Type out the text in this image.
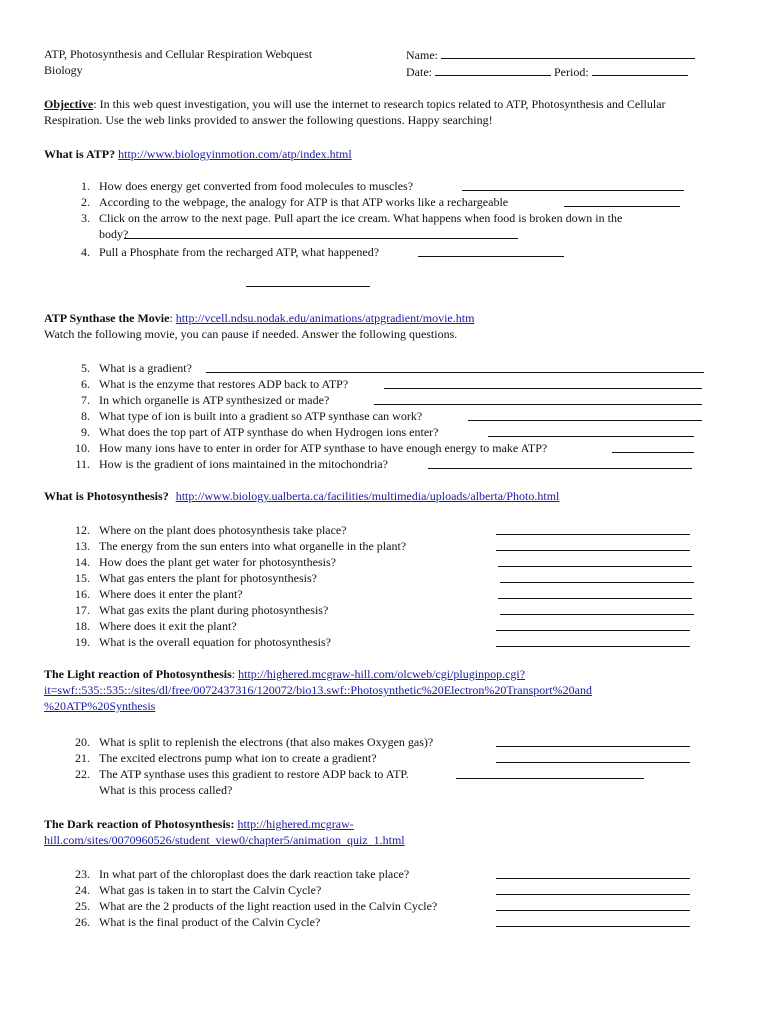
ATP, Photosynthesis and Cellular Respiration Webquest
Biology
Name:
Date:	Period:
Objective: In this web quest investigation, you will use the internet to research topics related to ATP, Photosynthesis and Cellular Respiration. Use the web links provided to answer the following questions. Happy searching!
What is ATP? http://www.biologyinmotion.com/atp/index.html
1. How does energy get converted from food molecules to muscles?
2. According to the webpage, the analogy for ATP is that ATP works like a rechargeable
3. Click on the arrow to the next page. Pull apart the ice cream. What happens when food is broken down in the
body?
4. Pull a Phosphate from the recharged ATP, what happened?
ATP Synthase the Movie: http://vcell.ndsu.nodak.edu/animations/atpgradient/movie.htm
Watch the following movie, you can pause if needed. Answer the following questions.
5. What is a gradient?
6. What is the enzyme that restores ADP back to ATP?
7. In which organelle is ATP synthesized or made?
8. What type of ion is built into a gradient so ATP synthase can work?
9. What does the top part of ATP synthase do when Hydrogen ions enter?
10. How many ions have to enter in order for ATP synthase to have enough energy to make ATP?
11. How is the gradient of ions maintained in the mitochondria?
What is Photosynthesis? http://www.biology.ualberta.ca/facilities/multimedia/uploads/alberta/Photo.html
12. Where on the plant does photosynthesis take place?
13. The energy from the sun enters into what organelle in the plant?
14. How does the plant get water for photosynthesis?
15. What gas enters the plant for photosynthesis?
16. Where does it enter the plant?
17. What gas exits the plant during photosynthesis?
18. Where does it exit the plant?
19. What is the overall equation for photosynthesis?
The Light reaction of Photosynthesis: http://highered.mcgraw-hill.com/olcweb/cgi/pluginpop.cgi?
it=swf::535::535::/sites/dl/free/0072437316/120072/bio13.swf::Photosynthetic%20Electron%20Transport%20and
%20ATP%20Synthesis
20. What is split to replenish the electrons (that also makes Oxygen gas)?
21. The excited electrons pump what ion to create a gradient?
22. The ATP synthase uses this gradient to restore ADP back to ATP.
What is this process called?
The Dark reaction of Photosynthesis: http://highered.mcgraw-
hill.com/sites/0070960526/student_view0/chapter5/animation_quiz_1.html
23. In what part of the chloroplast does the dark reaction take place?
24. What gas is taken in to start the Calvin Cycle?
25. What are the 2 products of the light reaction used in the Calvin Cycle?
26. What is the final product of the Calvin Cycle?
